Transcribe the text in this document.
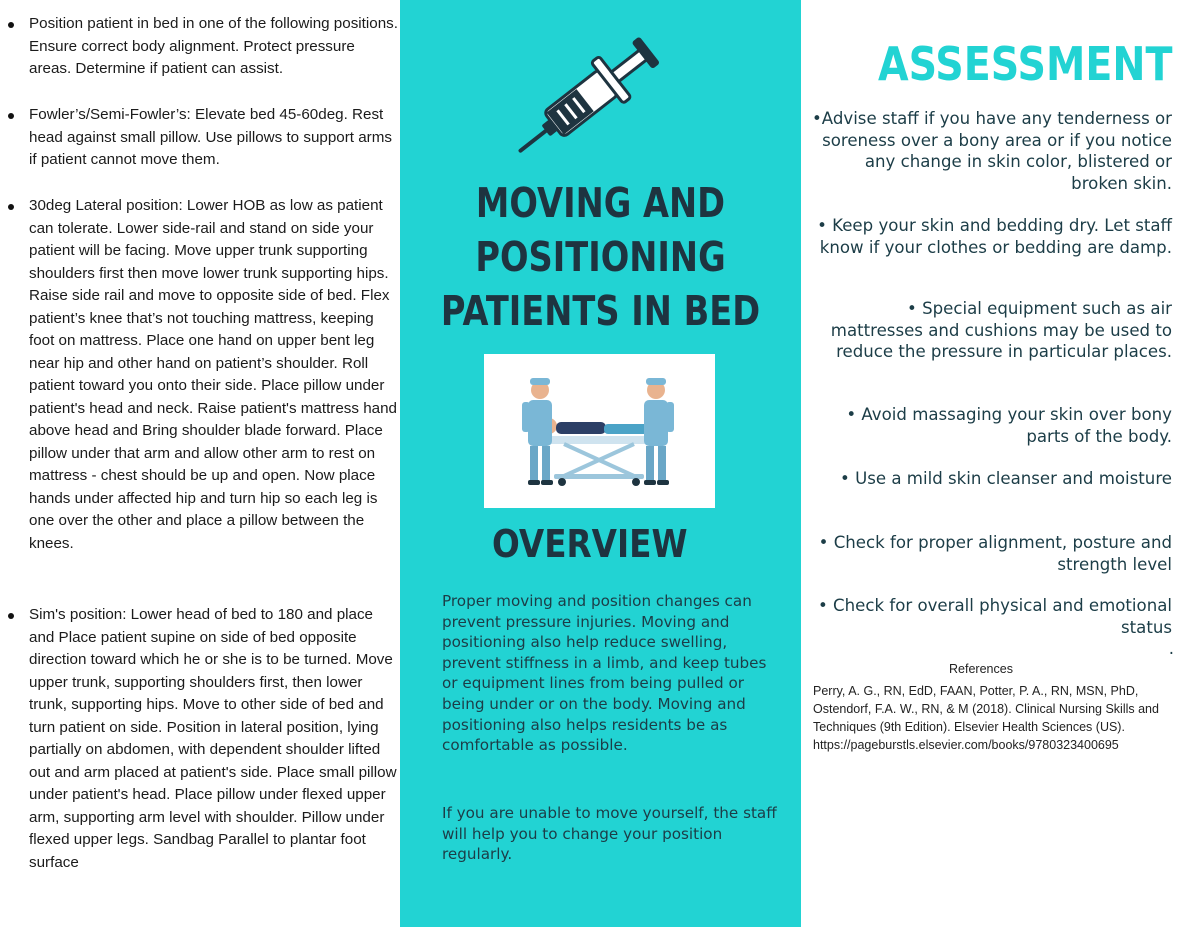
Position patient in bed in one of the following positions. Ensure correct body alignment. Protect pressure areas. Determine if patient can assist.
Fowler’s/Semi-Fowler’s: Elevate bed 45-60deg. Rest head against small pillow. Use pillows to support arms if patient cannot move them.
30deg Lateral position: Lower HOB as low as patient can tolerate. Lower side-rail and stand on side your patient will be facing. Move upper trunk supporting shoulders first then move lower trunk supporting hips. Raise side rail and move to opposite side of bed. Flex patient’s knee that’s not touching mattress, keeping foot on mattress. Place one hand on upper bent leg near hip and other hand on patient’s shoulder. Roll patient toward you onto their side. Place pillow under patient's head and neck. Raise patient's mattress hand above head and Bring shoulder blade forward. Place pillow under that arm and allow other arm to rest on mattress - chest should be up and open. Now place hands under affected hip and turn hip so each leg is one over the other and place a pillow between the knees.
Sim's position: Lower head of bed to 180 and place and Place patient supine on side of bed opposite direction toward which he or she is to be turned. Move upper trunk, supporting shoulders first, then lower trunk, supporting hips. Move to other side of bed and turn patient on side. Position in lateral position, lying partially on abdomen, with dependent shoulder lifted out and arm placed at patient's side. Place small pillow under patient's head. Place pillow under flexed upper arm, supporting arm level with shoulder. Pillow under flexed upper legs. Sandbag Parallel to plantar foot surface
MOVING AND POSITIONING PATIENTS IN BED
OVERVIEW

Proper moving and position changes can prevent pressure injuries. Moving and positioning also help reduce swelling, prevent stiffness in a limb, and keep tubes or equipment lines from being pulled or being under or on the body. Moving and positioning also helps residents be as comfortable as possible.

If you are unable to move yourself, the staff will help you to change your position regularly.

ASSESSMENT

•Advise staff if you have any tenderness or soreness over a bony area or if you notice any change in skin color, blistered or broken skin.

• Keep your skin and bedding dry. Let staff know if your clothes or bedding are damp.

• Special equipment such as air mattresses and cushions may be used to reduce the pressure in particular places.

• Avoid massaging your skin over bony parts of the body.

• Use a mild skin cleanser and moisture

• Check for proper alignment, posture and strength level

• Check for overall physical and emotional status

.

References

Perry, A. G., RN, EdD, FAAN, Potter, P. A., RN, MSN, PhD, Ostendorf, F.A. W., RN, & M (2018). Clinical Nursing Skills and Techniques (9th Edition). Elsevier Health Sciences (US). https://pageburstls.elsevier.com/books/9780323400695
